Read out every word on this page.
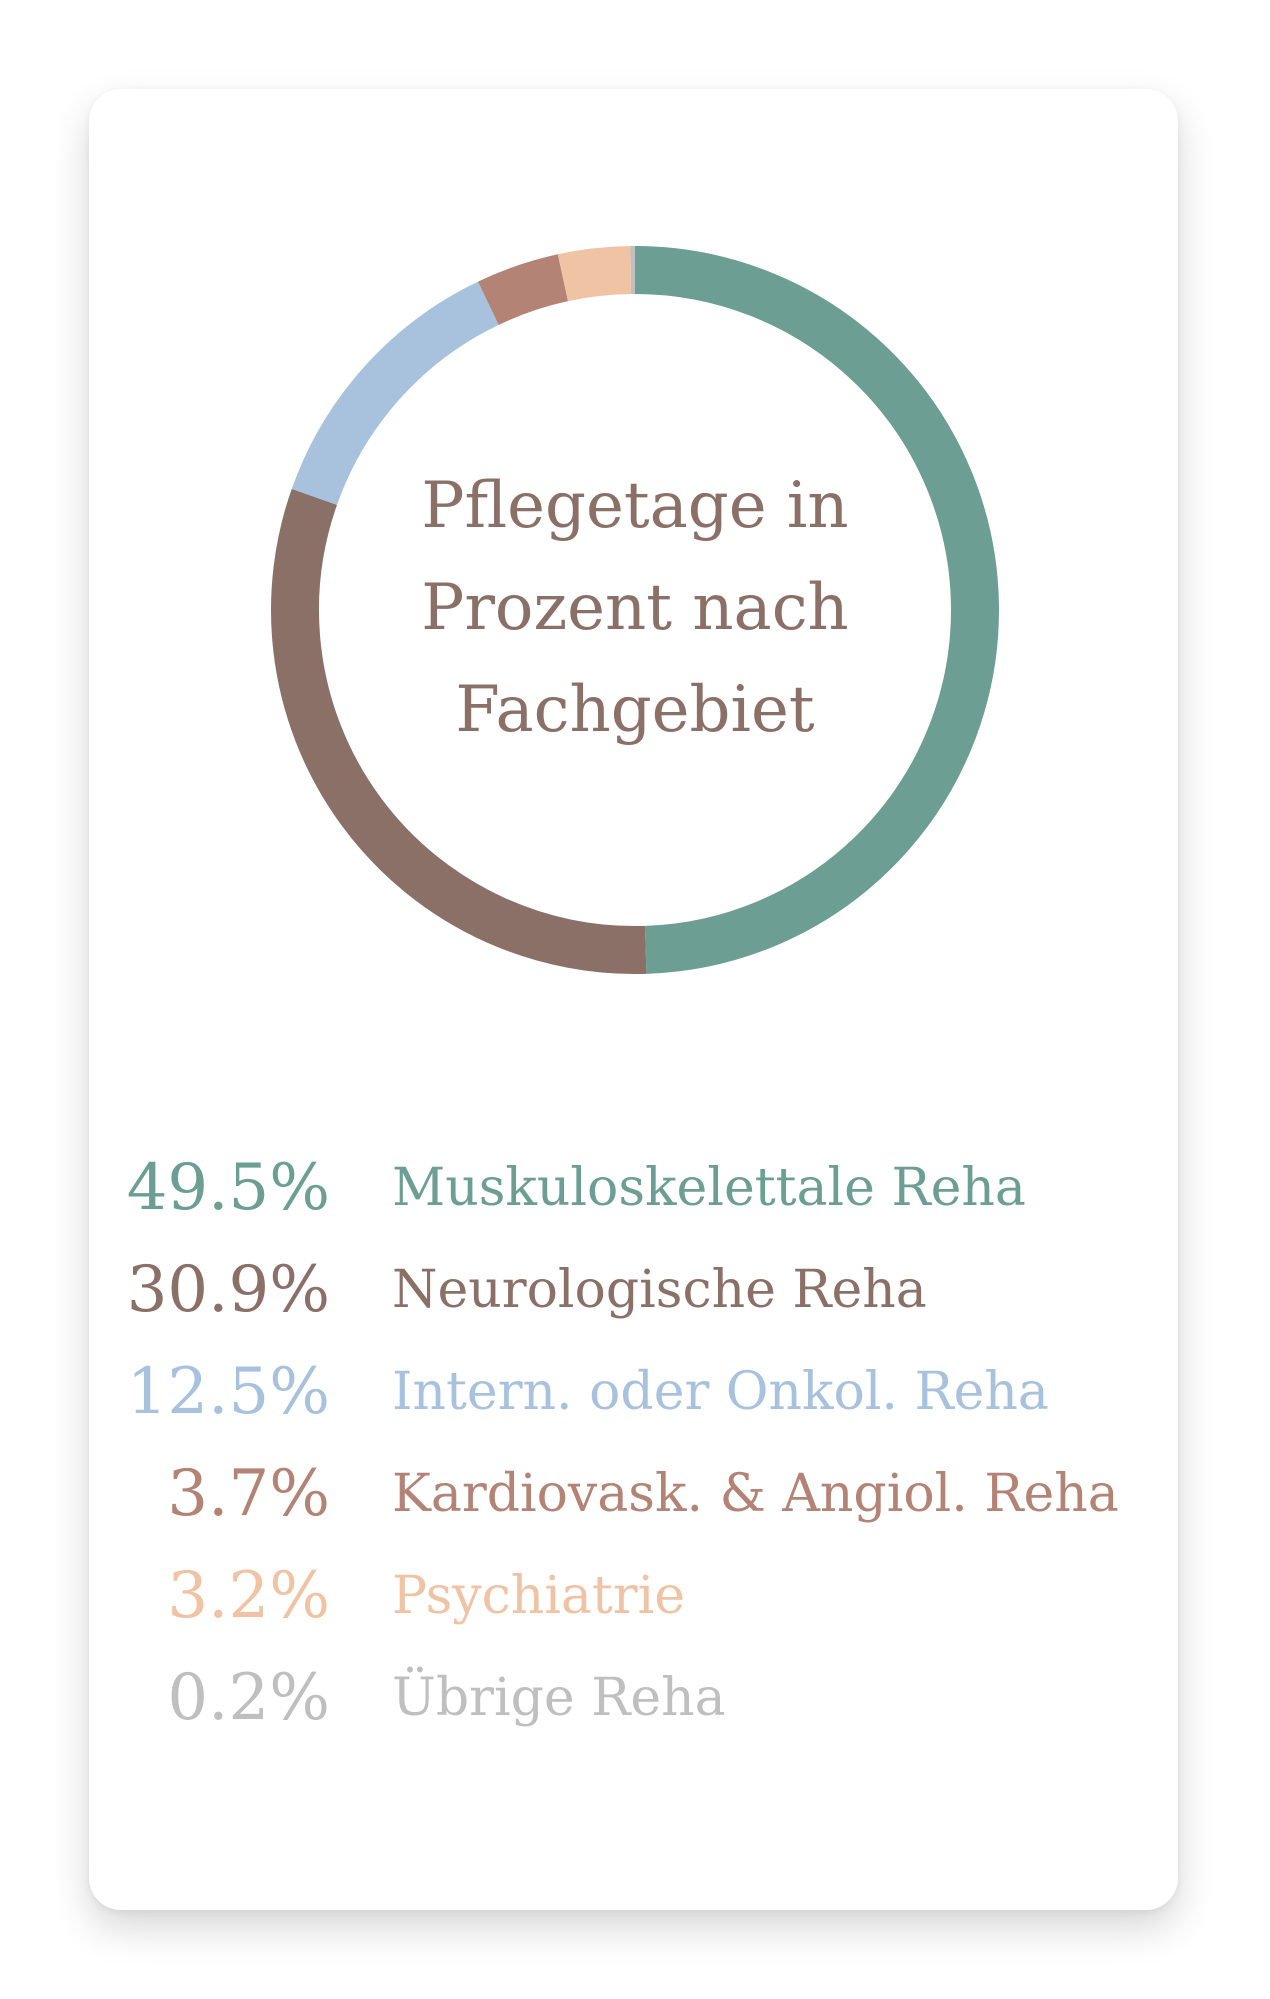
Pflegetage in
Prozent nach
Fachgebiet
49.5% Muskuloskelettale Reha
30.9% Neurologische Reha
12.5% Intern. oder Onkol. Reha
3.7% Kardiovask. & Angiol. Reha
3.2% Psychiatrie
0.2% Übrige Reha
